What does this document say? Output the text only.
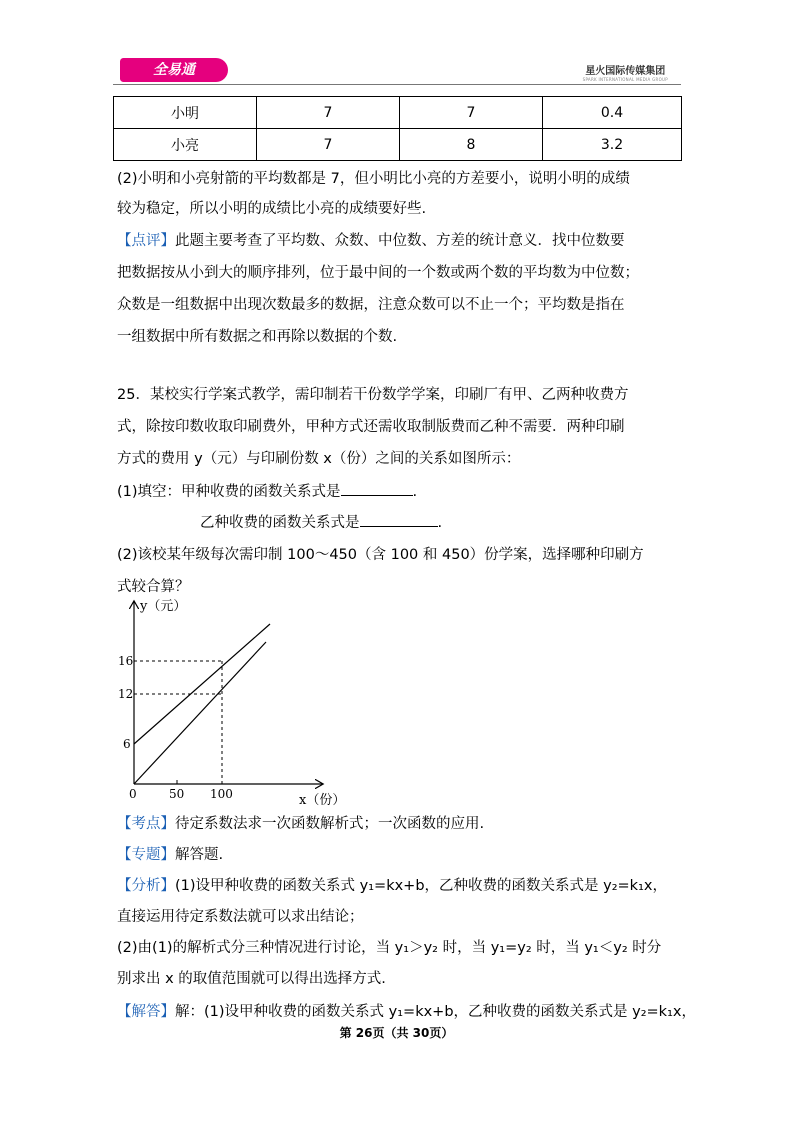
全易通	星火国际传媒集团
SPARK INTERNATIONAL MEDIA GROUP
小明	7	7	0.4
小亮	7	8	3.2
(2)小明和小亮射箭的平均数都是 7，但小明比小亮的方差要小，说明小明的成绩
较为稳定，所以小明的成绩比小亮的成绩要好些.
【点评】此题主要考查了平均数、众数、中位数、方差的统计意义．找中位数要
把数据按从小到大的顺序排列，位于最中间的一个数或两个数的平均数为中位数；
众数是一组数据中出现次数最多的数据，注意众数可以不止一个；平均数是指在
一组数据中所有数据之和再除以数据的个数.
25．某校实行学案式教学，需印制若干份数学学案，印刷厂有甲、乙两种收费方
式，除按印数收取印刷费外，甲种方式还需收取制版费而乙种不需要．两种印刷
方式的费用 y（元）与印刷份数 x（份）之间的关系如图所示：
(1)填空：甲种收费的函数关系式是	.
乙种收费的函数关系式是	.
(2)该校某年级每次需印制 100～450（含 100 和 450）份学案，选择哪种印刷方
式较合算？
y（元）
x（份）
16
12
6
0	50 100
【考点】待定系数法求一次函数解析式；一次函数的应用.
【专题】解答题.
【分析】(1)设甲种收费的函数关系式 y₁=kx+b，乙种收费的函数关系式是 y₂=k₁x，
直接运用待定系数法就可以求出结论；
(2)由(1)的解析式分三种情况进行讨论，当 y₁＞y₂ 时，当 y₁=y₂ 时，当 y₁＜y₂ 时分
别求出 x 的取值范围就可以得出选择方式.
【解答】解：(1)设甲种收费的函数关系式 y₁=kx+b，乙种收费的函数关系式是 y₂=k₁x，
第 26页（共 30页）
